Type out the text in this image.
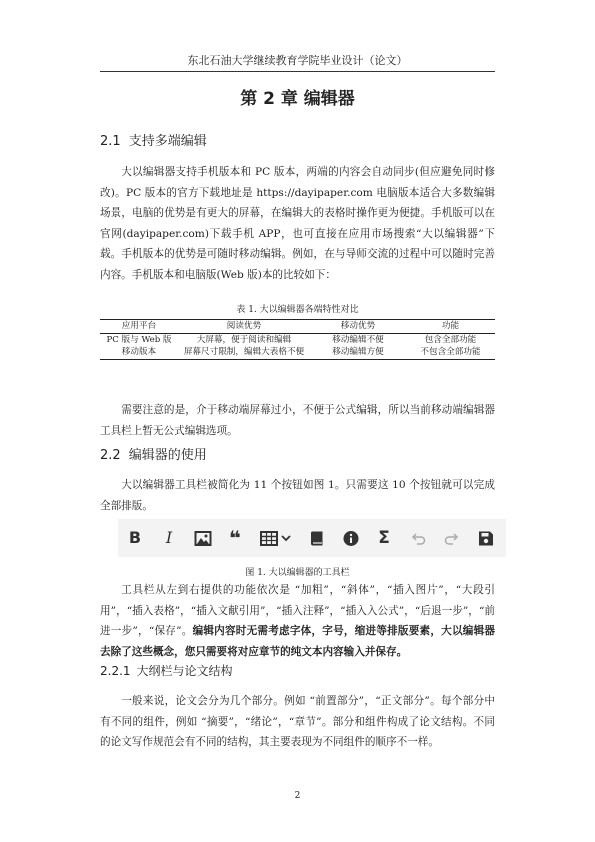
东北石油大学继续教育学院毕业设计（论文）
第 2 章 编辑器
2.1 支持多端编辑

大以编辑器支持手机版本和 PC 版本，两端的内容会自动同步(但应避免同时修改)。PC 版本的官方下载地址是 https://dayipaper.com 电脑版本适合大多数编辑场景，电脑的优势是有更大的屏幕，在编辑大的表格时操作更为便捷。手机版可以在官网(dayipaper.com)下载手机 APP，也可直接在应用市场搜索“大以编辑器”下载。手机版本的优势是可随时移动编辑。例如，在与导师交流的过程中可以随时完善内容。手机版本和电脑版(Web 版)本的比较如下：

表 1. 大以编辑器各端特性对比
应用平台	阅读优势	移动优势	功能
PC 版与 Web 版	大屏幕，便于阅读和编辑	移动编辑不便	包含全部功能
移动版本	屏幕尺寸限制，编辑大表格不便	移动编辑方便	不包含全部功能

需要注意的是，介于移动端屏幕过小，不便于公式编辑，所以当前移动端编辑器工具栏上暂无公式编辑选项。

2.2 编辑器的使用

大以编辑器工具栏被简化为 11 个按钮如图 1。只需要这 10 个按钮就可以完成全部排版。

B	I	❝	Σ
图 1. 大以编辑器的工具栏

工具栏从左到右提供的功能依次是 “加粗”，“斜体”，“插入图片”，“大段引用”，“插入表格”，“插入文献引用”，“插入注释”，“插入入公式”，“后退一步”，“前进一步”，“保存”。编辑内容时无需考虑字体，字号，缩进等排版要素，大以编辑器去除了这些概念，您只需要将对应章节的纯文本内容输入并保存。

2.2.1 大纲栏与论文结构

一般来说，论文会分为几个部分。例如 “前置部分”，“正文部分”。每个部分中有不同的组件，例如 “摘要”，“绪论”，“章节”。部分和组件构成了论文结构。不同的论文写作规范会有不同的结构，其主要表现为不同组件的顺序不一样。

2
